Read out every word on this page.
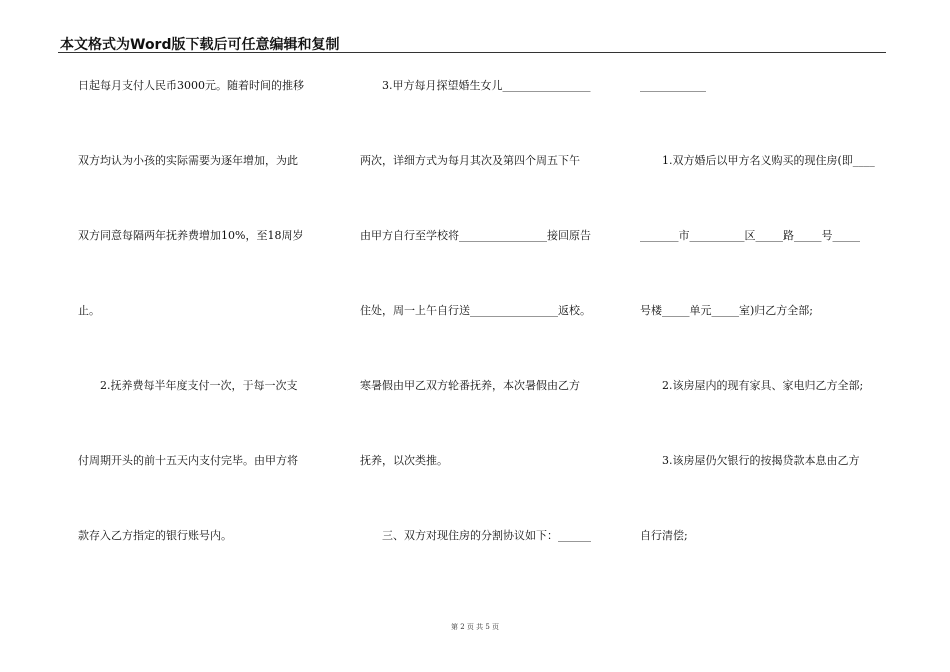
本文格式为Word版下载后可任意编辑和复制
日起每月支付人民币3000元。随着时间的推移
双方均认为小孩的实际需要为逐年增加，为此
双方同意每隔两年抚养费增加10%，至18周岁
止。
　　2.抚养费每半年度支付一次，于每一次支
付周期开头的前十五天内支付完毕。由甲方将
款存入乙方指定的银行账号内。
　　3.甲方每月探望婚生女儿________________
两次，详细方式为每月其次及第四个周五下午
由甲方自行至学校将________________接回原告
住处，周一上午自行送________________返校。
寒暑假由甲乙双方轮番抚养，本次暑假由乙方
抚养，以次类推。
　　三、双方对现住房的分割协议如下：______
____________
　　1.双方婚后以甲方名义购买的现住房(即____
_______市__________区_____路_____号_____
号楼_____单元_____室)归乙方全部;
　　2.该房屋内的现有家具、家电归乙方全部;
　　3.该房屋仍欠银行的按揭贷款本息由乙方
自行清偿;
第 2 页 共 5 页
